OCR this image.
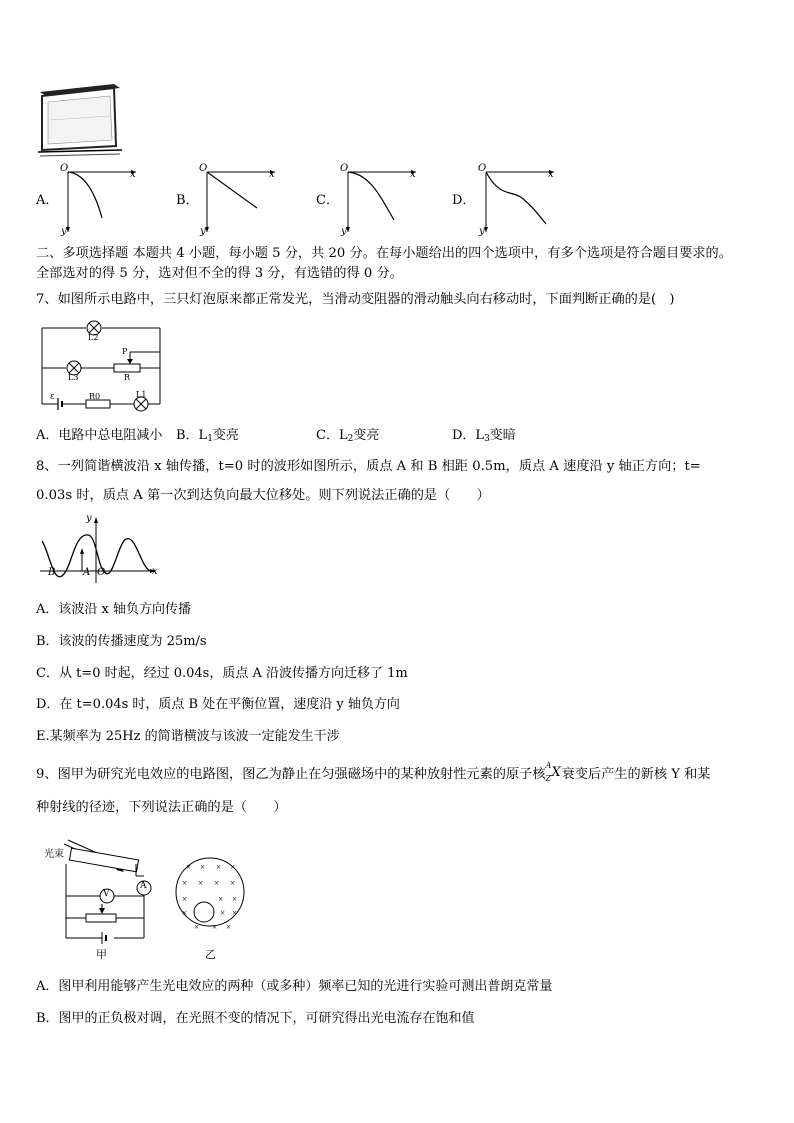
A．
O
x
y
B．
O
x
y
C．
O
x
y
D．
O
x
y
二、多项选择题 本题共 4 小题，每小题 5 分，共 20 分。在每小题给出的四个选项中，有多个选项是符合题目要求的。
全部选对的得 5 分，选对但不全的得 3 分，有选错的得 0 分。
7、如图所示电路中，三只灯泡原来都正常发光，当滑动变阻器的滑动触头向右移动时，下面判断正确的是(　)
L2
L3
P
R
R0	L1
ε
A．电路中总电阻减小 B．$L_1$变亮	C．$L_2$变亮	D．$L_3$变暗
8、一列简谐横波沿 x 轴传播，t=0 时的波形如图所示，质点 A 和 B 相距 0.5m，质点 A 速度沿 y 轴正方向；t=
0.03s 时，质点 A 第一次到达负向最大位移处。则下列说法正确的是（　　）
y
x
B	A O
A．该波沿 x 轴负方向传播
B．该波的传播速度为 25m/s
C．从 t=0 时起，经过 0.04s，质点 A 沿波传播方向迁移了 1m
D．在 t=0.04s 时，质点 B 处在平衡位置，速度沿 y 轴负方向
E.某频率为 25Hz 的简谐横波与该波一定能发生干涉
9、图甲为研究光电效应的电路图，图乙为静止在匀强磁场中的某种放射性元素的原子核
A
Z X 衰变后产生的新核 Y 和某
种射线的径迹，下列说法正确的是（　　）
光束
V
A
甲
× × × ×
× × × ×
×	× ×
×	× ×
× × ×
乙
A．图甲利用能够产生光电效应的两种（或多种）频率已知的光进行实验可测出普朗克常量
B．图甲的正负极对调，在光照不变的情况下，可研究得出光电流存在饱和值
